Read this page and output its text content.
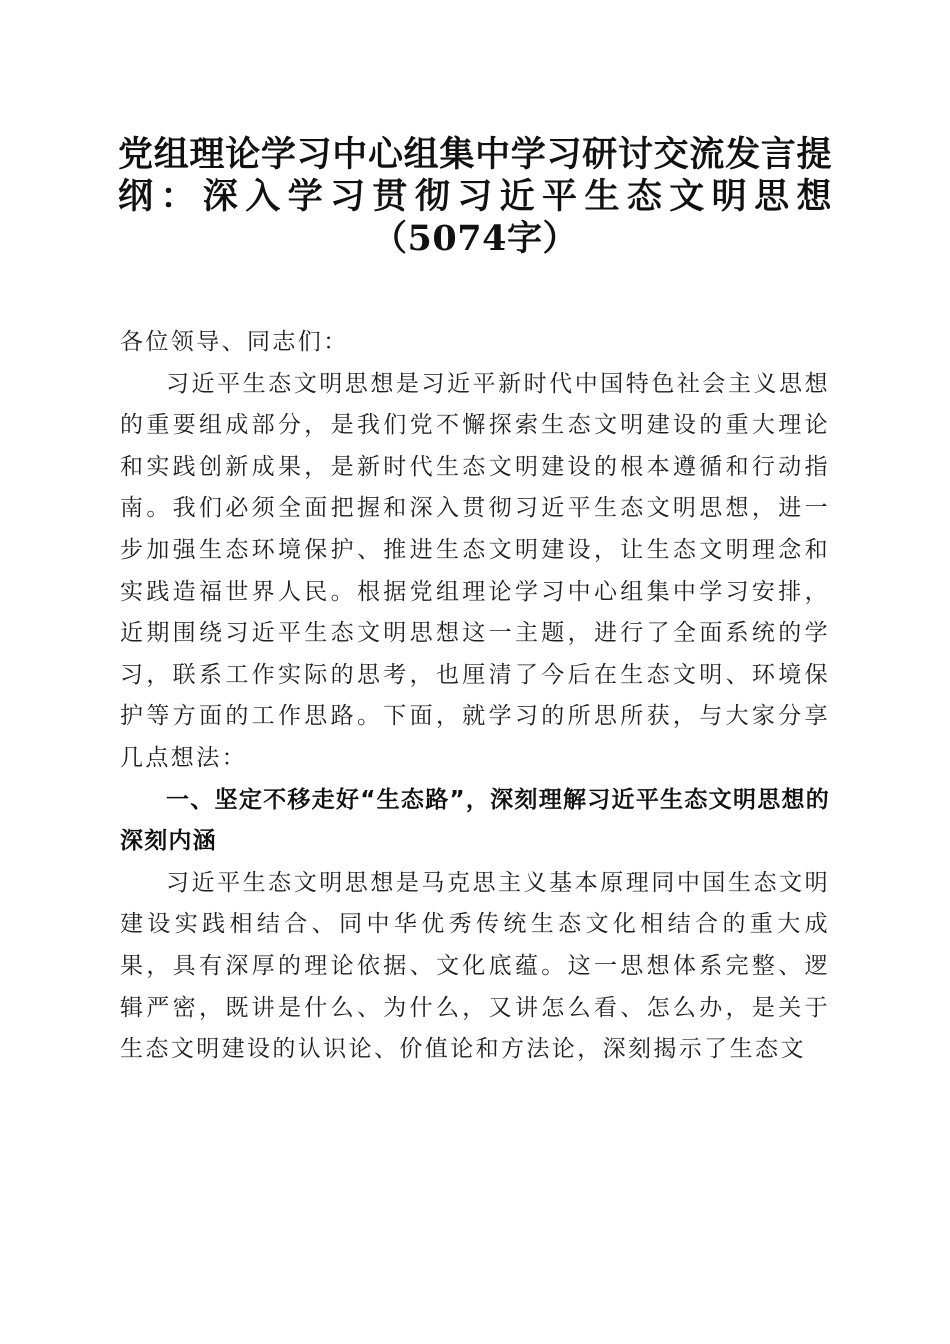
党组理论学习中心组集中学习研讨交流发言提纲：深入学习贯彻习近平生态文明思想（5074字）

各位领导、同志们：

习近平生态文明思想是习近平新时代中国特色社会主义思想的重要组成部分，是我们党不懈探索生态文明建设的重大理论和实践创新成果，是新时代生态文明建设的根本遵循和行动指南。我们必须全面把握和深入贯彻习近平生态文明思想，进一步加强生态环境保护、推进生态文明建设，让生态文明理念和实践造福世界人民。根据党组理论学习中心组集中学习安排，近期围绕习近平生态文明思想这一主题，进行了全面系统的学习，联系工作实际的思考，也厘清了今后在生态文明、环境保护等方面的工作思路。下面，就学习的所思所获，与大家分享几点想法：

一、坚定不移走好“生态路”，深刻理解习近平生态文明思想的深刻内涵

习近平生态文明思想是马克思主义基本原理同中国生态文明建设实践相结合、同中华优秀传统生态文化相结合的重大成果，具有深厚的理论依据、文化底蕴。这一思想体系完整、逻辑严密，既讲是什么、为什么，又讲怎么看、怎么办，是关于生态文明建设的认识论、价值论和方法论，深刻揭示了生态文
